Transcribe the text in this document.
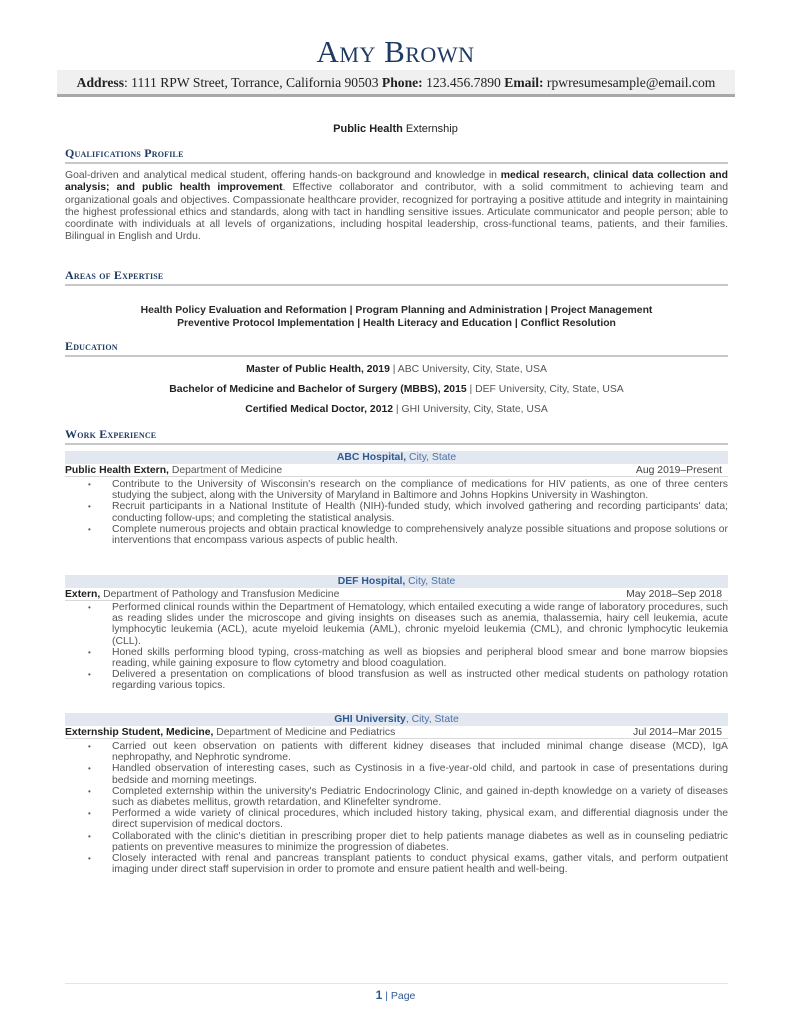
Amy Brown
Address: 1111 RPW Street, Torrance, California 90503 Phone: 123.456.7890 Email: rpwresumesample@email.com
Public Health Externship
Qualifications Profile
Goal-driven and analytical medical student, offering hands-on background and knowledge in medical research, clinical data collection and analysis; and public health improvement. Effective collaborator and contributor, with a solid commitment to achieving team and organizational goals and objectives. Compassionate healthcare provider, recognized for portraying a positive attitude and integrity in maintaining the highest professional ethics and standards, along with tact in handling sensitive issues. Articulate communicator and people person; able to coordinate with individuals at all levels of organizations, including hospital leadership, cross-functional teams, patients, and their families. Bilingual in English and Urdu.
Areas of Expertise
Health Policy Evaluation and Reformation | Program Planning and Administration | Project Management
Preventive Protocol Implementation | Health Literacy and Education | Conflict Resolution
Education
Master of Public Health, 2019 | ABC University, City, State, USA
Bachelor of Medicine and Bachelor of Surgery (MBBS), 2015 | DEF University, City, State, USA
Certified Medical Doctor, 2012 | GHI University, City, State, USA
Work Experience
ABC Hospital, City, State
Public Health Extern, Department of Medicine	Aug 2019–Present
• Contribute to the University of Wisconsin's research on the compliance of medications for HIV patients, as one of three centers studying the subject, along with the University of Maryland in Baltimore and Johns Hopkins University in Washington.
• Recruit participants in a National Institute of Health (NIH)-funded study, which involved gathering and recording participants' data; conducting follow-ups; and completing the statistical analysis.
• Complete numerous projects and obtain practical knowledge to comprehensively analyze possible situations and propose solutions or interventions that encompass various aspects of public health.
DEF Hospital, City, State
Extern, Department of Pathology and Transfusion Medicine	May 2018–Sep 2018
• Performed clinical rounds within the Department of Hematology, which entailed executing a wide range of laboratory procedures, such as reading slides under the microscope and giving insights on diseases such as anemia, thalassemia, hairy cell leukemia, acute lymphocytic leukemia (ACL), acute myeloid leukemia (AML), chronic myeloid leukemia (CML), and chronic lymphocytic leukemia (CLL).
• Honed skills performing blood typing, cross-matching as well as biopsies and peripheral blood smear and bone marrow biopsies reading, while gaining exposure to flow cytometry and blood coagulation.
• Delivered a presentation on complications of blood transfusion as well as instructed other medical students on pathology rotation regarding various topics.
GHI University, City, State
Externship Student, Medicine, Department of Medicine and Pediatrics	Jul 2014–Mar 2015
• Carried out keen observation on patients with different kidney diseases that included minimal change disease (MCD), IgA nephropathy, and Nephrotic syndrome.
• Handled observation of interesting cases, such as Cystinosis in a five-year-old child, and partook in case of presentations during bedside and morning meetings.
• Completed externship within the university's Pediatric Endocrinology Clinic, and gained in-depth knowledge on a variety of diseases such as diabetes mellitus, growth retardation, and Klinefelter syndrome.
• Performed a wide variety of clinical procedures, which included history taking, physical exam, and differential diagnosis under the direct supervision of medical doctors.
• Collaborated with the clinic's dietitian in prescribing proper diet to help patients manage diabetes as well as in counseling pediatric patients on preventive measures to minimize the progression of diabetes.
• Closely interacted with renal and pancreas transplant patients to conduct physical exams, gather vitals, and perform outpatient imaging under direct staff supervision in order to promote and ensure patient health and well-being.
1 | Page
